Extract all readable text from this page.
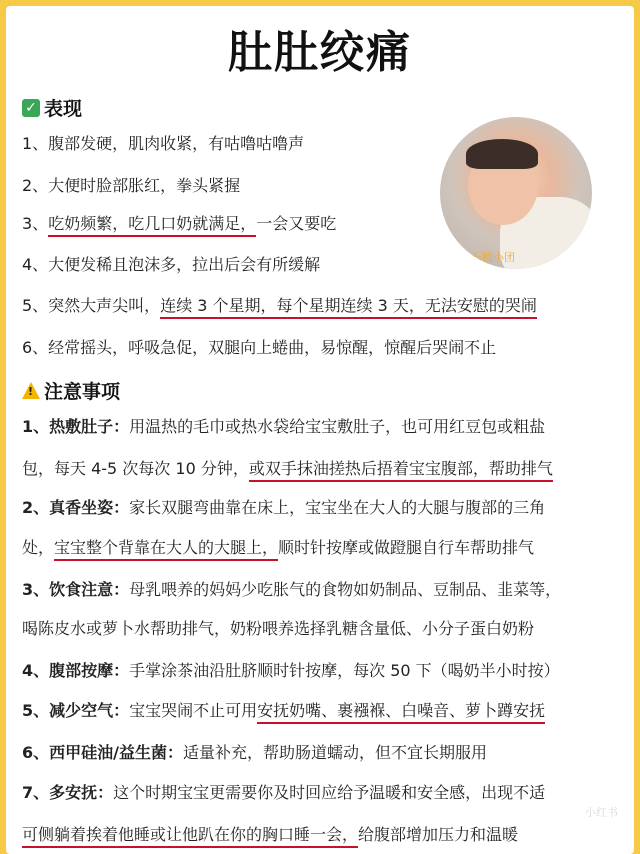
肚肚绞痛
✓ 表现
@石榴小团
1、腹部发硬，肌肉收紧，有咕噜咕噜声
2、大便时脸部胀红，拳头紧握
3、吃奶频繁，吃几口奶就满足，一会又要吃
4、大便发稀且泡沫多，拉出后会有所缓解
5、突然大声尖叫，连续 3 个星期，每个星期连续 3 天，无法安慰的哭闹
6、经常摇头，呼吸急促，双腿向上蜷曲，易惊醒，惊醒后哭闹不止
! 注意事项
1、热敷肚子：用温热的毛巾或热水袋给宝宝敷肚子，也可用红豆包或粗盐
包，每天 4-5 次每次 10 分钟，或双手抹油搓热后捂着宝宝腹部，帮助排气
2、真香坐姿：家长双腿弯曲靠在床上，宝宝坐在大人的大腿与腹部的三角
处，宝宝整个背靠在大人的大腿上，顺时针按摩或做蹬腿自行车帮助排气
3、饮食注意：母乳喂养的妈妈少吃胀气的食物如奶制品、豆制品、韭菜等，
喝陈皮水或萝卜水帮助排气，奶粉喂养选择乳糖含量低、小分子蛋白奶粉
4、腹部按摩：手掌涂茶油沿肚脐顺时针按摩，每次 50 下（喝奶半小时按）
5、减少空气：宝宝哭闹不止可用安抚奶嘴、裹襁褓、白噪音、萝卜蹲安抚
6、西甲硅油/益生菌：适量补充，帮助肠道蠕动，但不宜长期服用
7、多安抚：这个时期宝宝更需要你及时回应给予温暖和安全感，出现不适
可侧躺着挨着他睡或让他趴在你的胸口睡一会，给腹部增加压力和温暖
小红书
